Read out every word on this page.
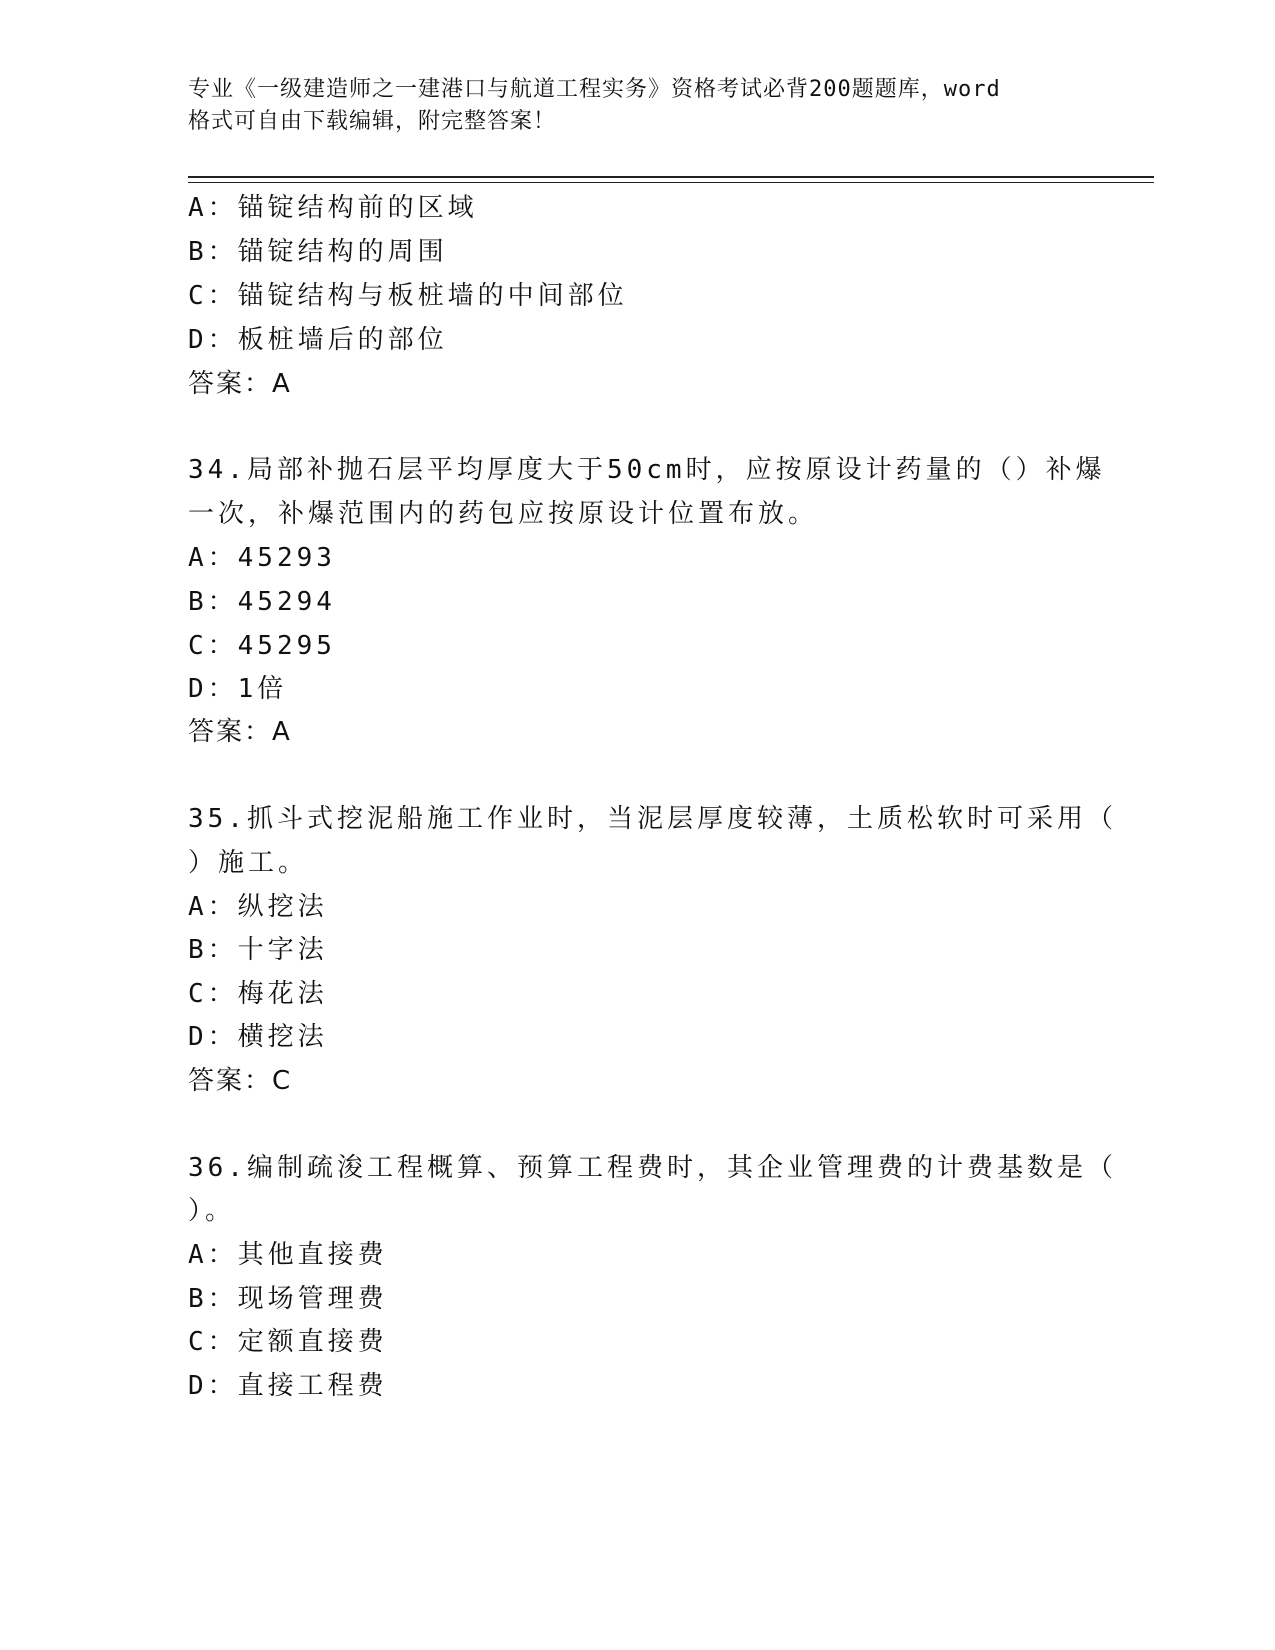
专业《一级建造师之一建港口与航道工程实务》资格考试必背200题题库，word

格式可自由下载编辑，附完整答案！

A：锚锭结构前的区域
B：锚锭结构的周围
C：锚锭结构与板桩墙的中间部位
D：板桩墙后的部位
答案：A
34.局部补抛石层平均厚度大于50cm时，应按原设计药量的（）补爆
一次，补爆范围内的药包应按原设计位置布放。
A：45293
B：45294
C：45295
D：1倍
答案：A
35.抓斗式挖泥船施工作业时，当泥层厚度较薄，土质松软时可采用（
）施工。
A：纵挖法
B：十字法
C：梅花法
D：横挖法
答案：C
36.编制疏浚工程概算、预算工程费时，其企业管理费的计费基数是（
）。
A：其他直接费
B：现场管理费
C：定额直接费
D：直接工程费
